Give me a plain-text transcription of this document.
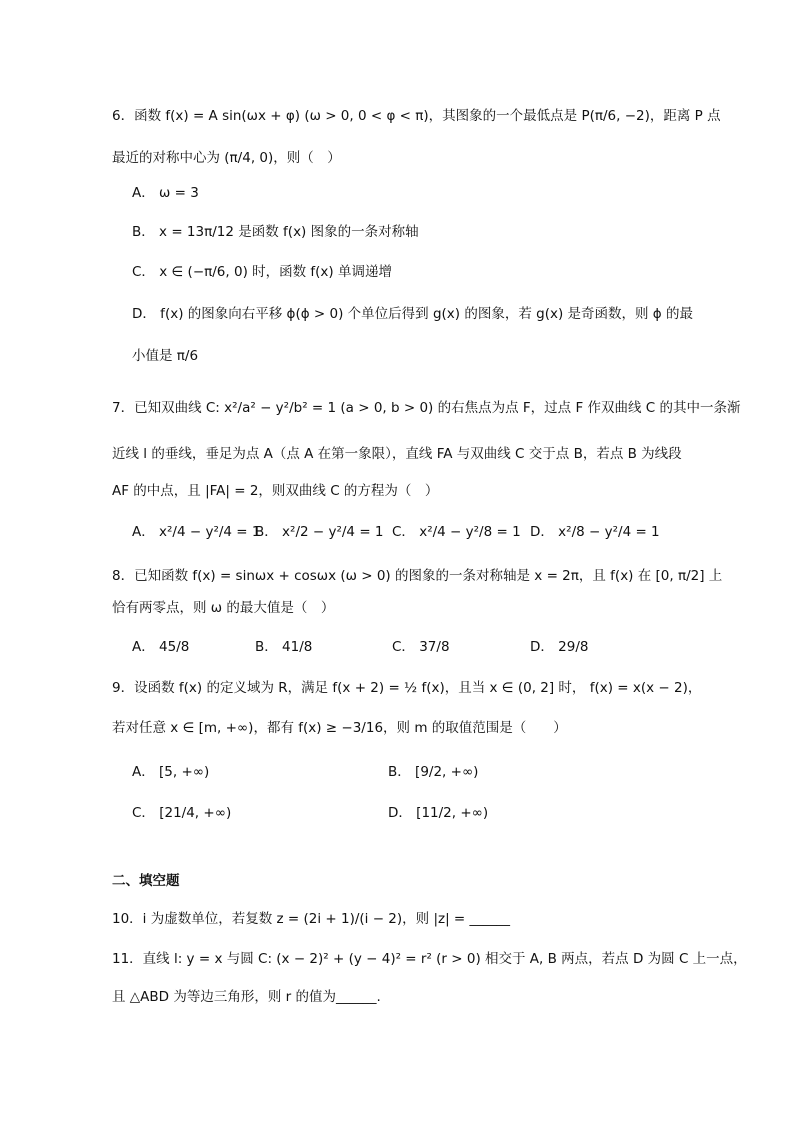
6．函数 f(x) = A sin(ωx + φ) (ω > 0, 0 < φ < π)，其图象的一个最低点是 P(π/6, −2)，距离 P 点
最近的对称中心为 (π/4, 0)，则（　）
A． ω = 3
B． x = 13π/12 是函数 f(x) 图象的一条对称轴
C． x ∈ (−π/6, 0) 时，函数 f(x) 单调递增
D． f(x) 的图象向右平移 ϕ(ϕ > 0) 个单位后得到 g(x) 的图象，若 g(x) 是奇函数，则 ϕ 的最
小值是 π/6
7．已知双曲线 C: x²/a² − y²/b² = 1 (a > 0, b > 0) 的右焦点为点 F，过点 F 作双曲线 C 的其中一条渐
近线 l 的垂线，垂足为点 A（点 A 在第一象限），直线 FA 与双曲线 C 交于点 B，若点 B 为线段
AF 的中点，且 |FA| = 2，则双曲线 C 的方程为（　）
A． x²/4 − y²/4 = 1
B． x²/2 − y²/4 = 1 C． x²/4 − y²/8 = 1 D． x²/8 − y²/4 = 1
8．已知函数 f(x) = sinωx + cosωx (ω > 0) 的图象的一条对称轴是 x = 2π，且 f(x) 在 [0, π/2] 上
恰有两零点，则 ω 的最大值是（　）
A． 45/8	B． 41/8	C． 37/8	D． 29/8
9．设函数 f(x) 的定义域为 R，满足 f(x + 2) = ½ f(x)，且当 x ∈ (0, 2] 时， f(x) = x(x − 2)，
若对任意 x ∈ [m, +∞)，都有 f(x) ≥ −3/16，则 m 的取值范围是（　　）
A． [5, +∞)	B． [9/2, +∞)
C． [21/4, +∞)	D． [11/2, +∞)
二、填空题
10．i 为虚数单位，若复数 z = (2i + 1)/(i − 2)，则 |z| = ______
11．直线 l: y = x 与圆 C: (x − 2)² + (y − 4)² = r² (r > 0) 相交于 A, B 两点，若点 D 为圆 C 上一点，
且 △ABD 为等边三角形，则 r 的值为______.
